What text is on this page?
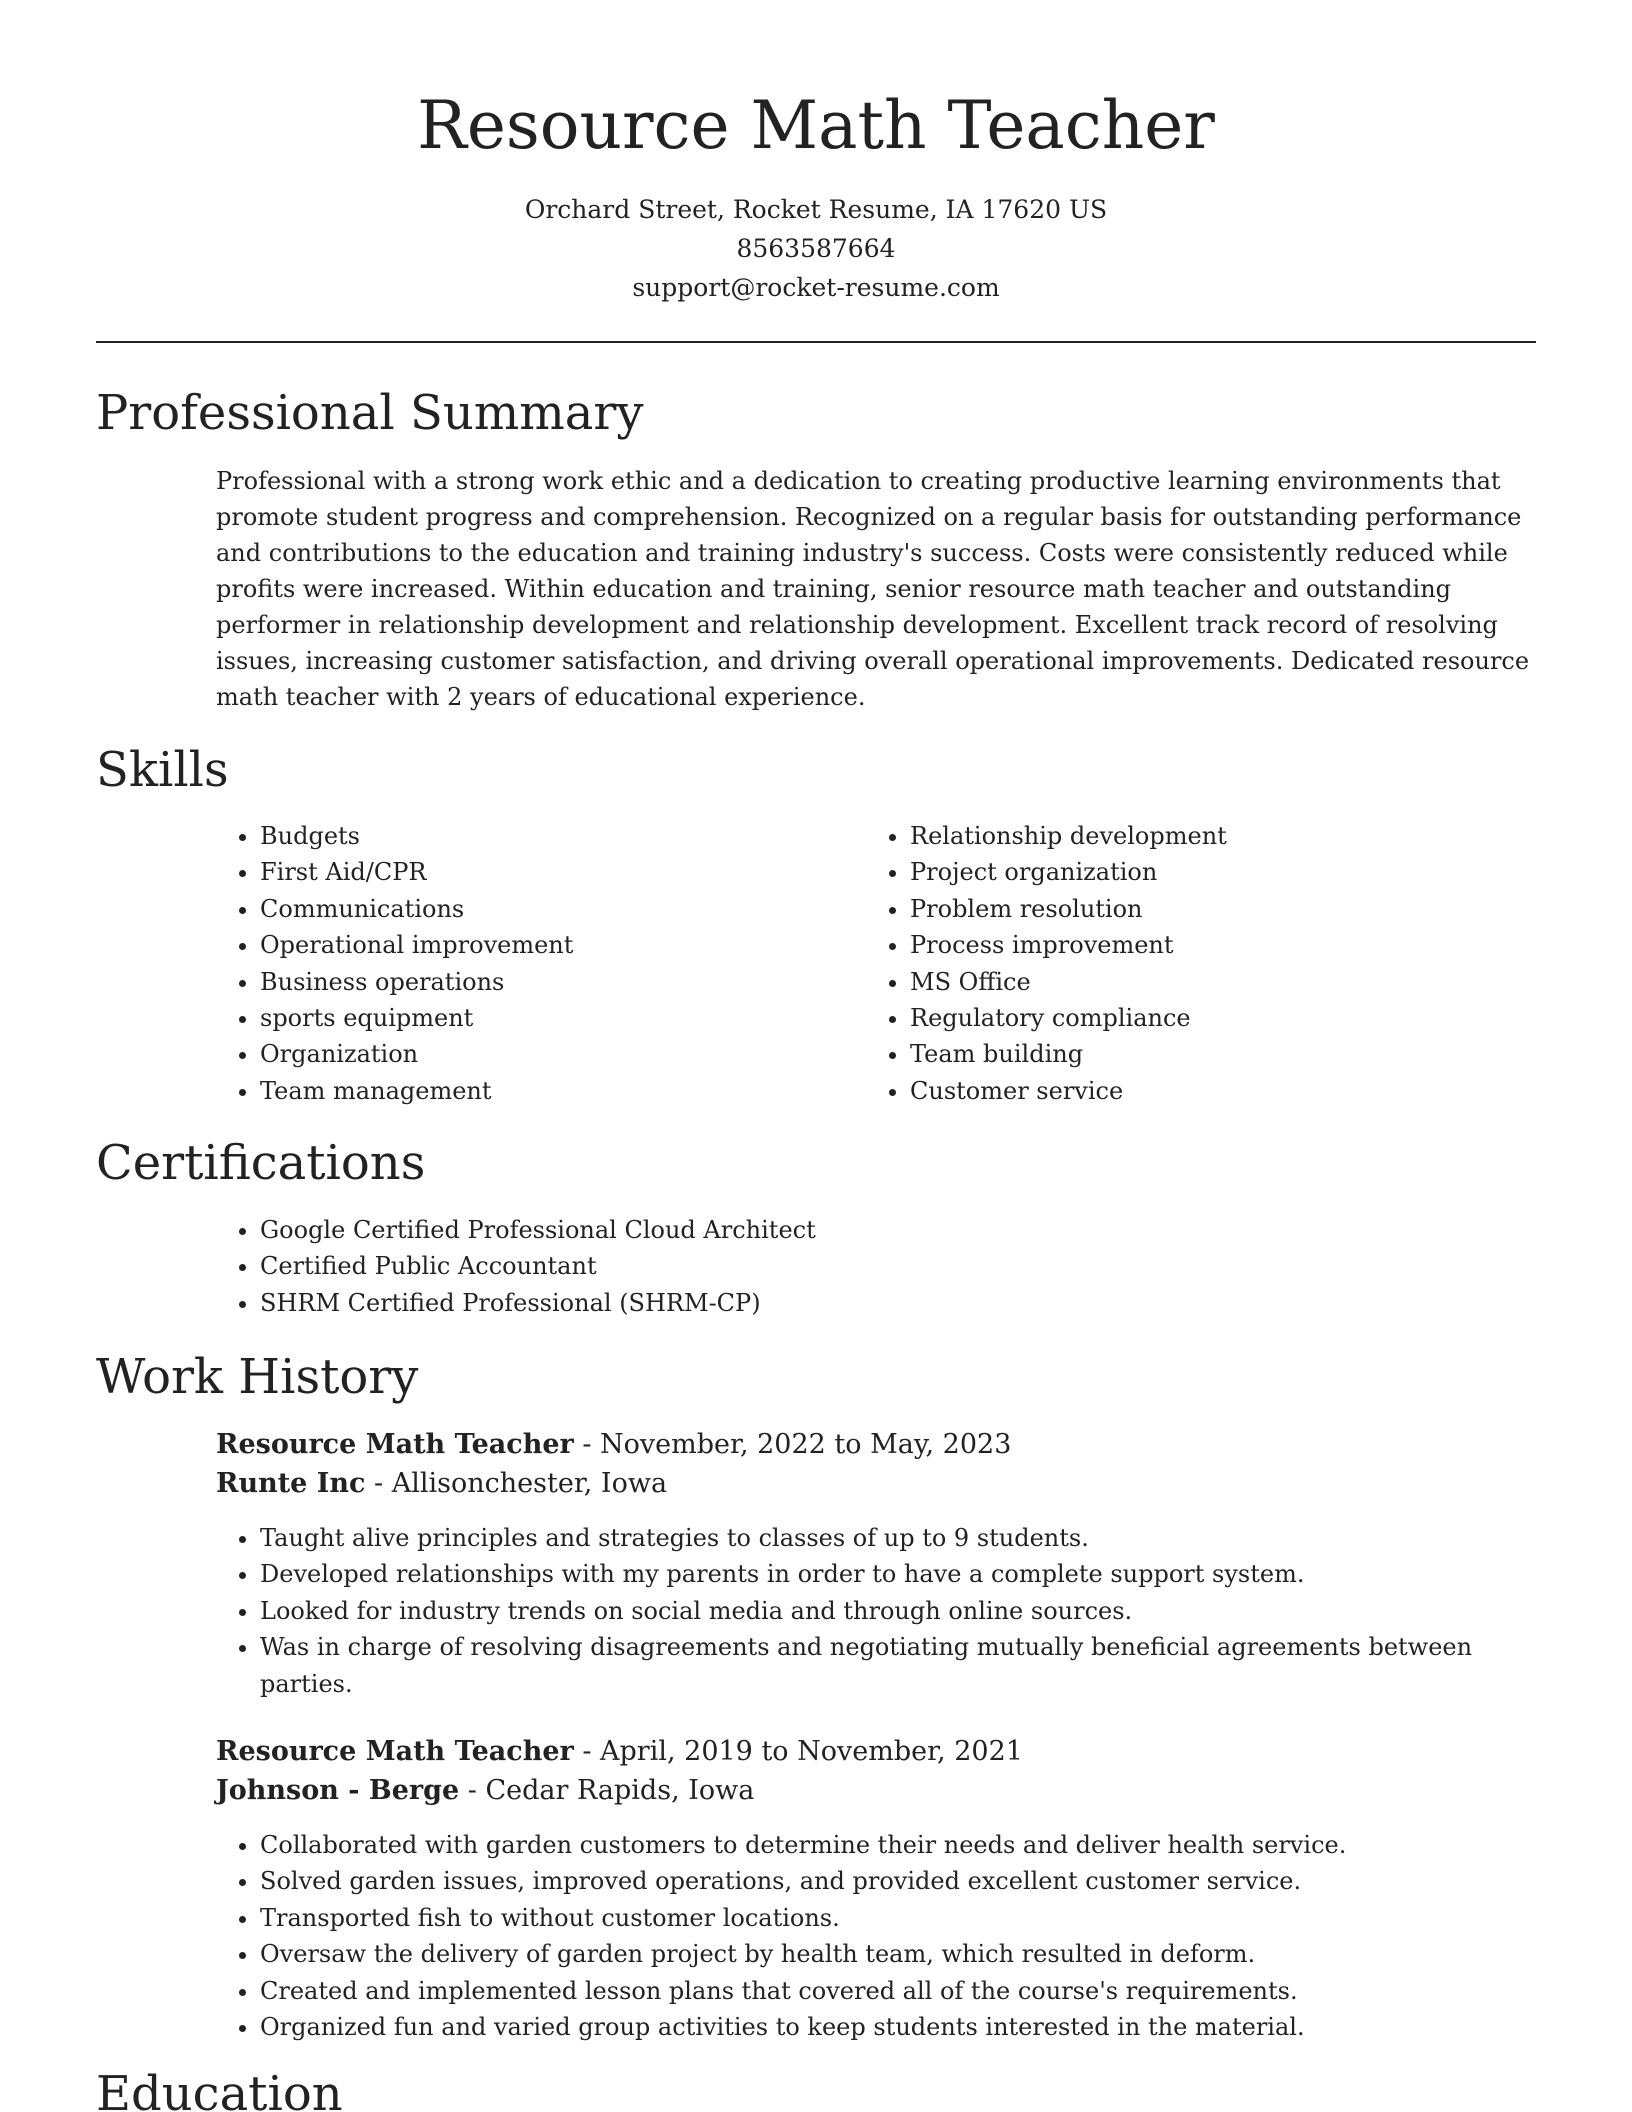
Resource Math Teacher
Orchard Street, Rocket Resume, IA 17620 US
8563587664
support@rocket-resume.com
Professional Summary

Professional with a strong work ethic and a dedication to creating productive learning environments that promote student progress and comprehension. Recognized on a regular basis for outstanding performance and contributions to the education and training industry's success. Costs were consistently reduced while profits were increased. Within education and training, senior resource math teacher and outstanding performer in relationship development and relationship development. Excellent track record of resolving issues, increasing customer satisfaction, and driving overall operational improvements. Dedicated resource math teacher with 2 years of educational experience.

Skills
• Budgets
• First Aid/CPR
• Communications
• Operational improvement
• Business operations
• sports equipment
• Organization
• Team management
• Relationship development
• Project organization
• Problem resolution
• Process improvement
• MS Office
• Regulatory compliance
• Team building
• Customer service
Certifications
• Google Certified Professional Cloud Architect
• Certified Public Accountant
• SHRM Certified Professional (SHRM-CP)
Work History
Resource Math Teacher - November, 2022 to May, 2023
Runte Inc - Allisonchester, Iowa
• Taught alive principles and strategies to classes of up to 9 students.
• Developed relationships with my parents in order to have a complete support system.
• Looked for industry trends on social media and through online sources.
• Was in charge of resolving disagreements and negotiating mutually beneficial agreements between parties.
Resource Math Teacher - April, 2019 to November, 2021
Johnson - Berge - Cedar Rapids, Iowa
• Collaborated with garden customers to determine their needs and deliver health service.
• Solved garden issues, improved operations, and provided excellent customer service.
• Transported fish to without customer locations.
• Oversaw the delivery of garden project by health team, which resulted in deform.
• Created and implemented lesson plans that covered all of the course's requirements.
• Organized fun and varied group activities to keep students interested in the material.
Education
